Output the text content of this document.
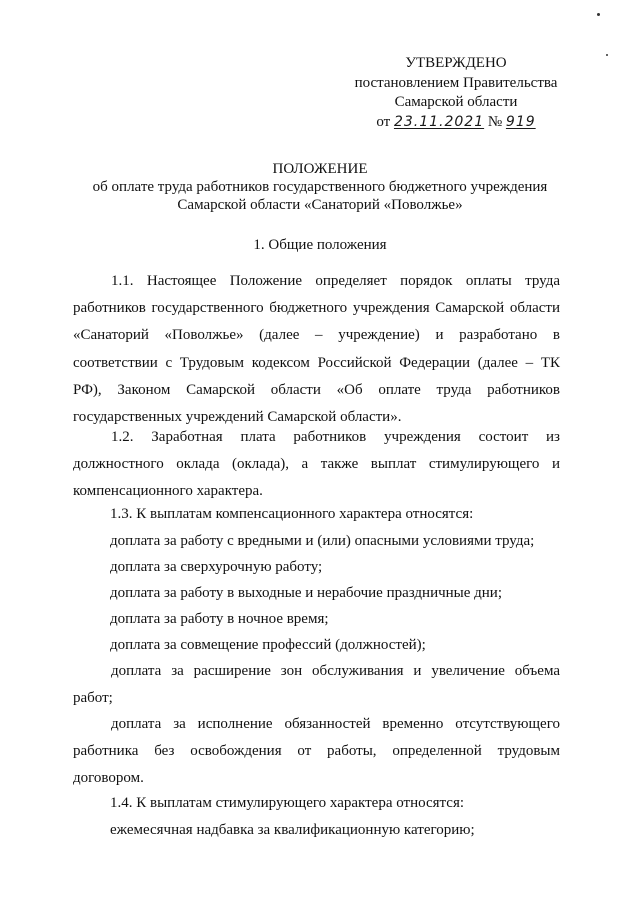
УТВЕРЖДЕНО
постановлением Правительства
Самарской области
от 23.11.2021 № 919
ПОЛОЖЕНИЕ
об оплате труда работников государственного бюджетного учреждения
Самарской области «Санаторий «Поволжье»
1. Общие положения
1.1. Настоящее Положение определяет порядок оплаты труда работников государственного бюджетного учреждения Самарской области «Санаторий «Поволжье» (далее – учреждение) и разработано в соответствии с Трудовым кодексом Российской Федерации (далее – ТК РФ), Законом Самарской области «Об оплате труда работников государственных учреждений Самарской области».
1.2. Заработная плата работников учреждения состоит из должностного оклада (оклада), а также выплат стимулирующего и компенсационного характера.
1.3. К выплатам компенсационного характера относятся:
доплата за работу с вредными и (или) опасными условиями труда;
доплата за сверхурочную работу;
доплата за работу в выходные и нерабочие праздничные дни;
доплата за работу в ночное время;
доплата за совмещение профессий (должностей);
доплата за расширение зон обслуживания и увеличение объема работ;
доплата за исполнение обязанностей временно отсутствующего работника без освобождения от работы, определенной трудовым договором.
1.4. К выплатам стимулирующего характера относятся:
ежемесячная надбавка за квалификационную категорию;
